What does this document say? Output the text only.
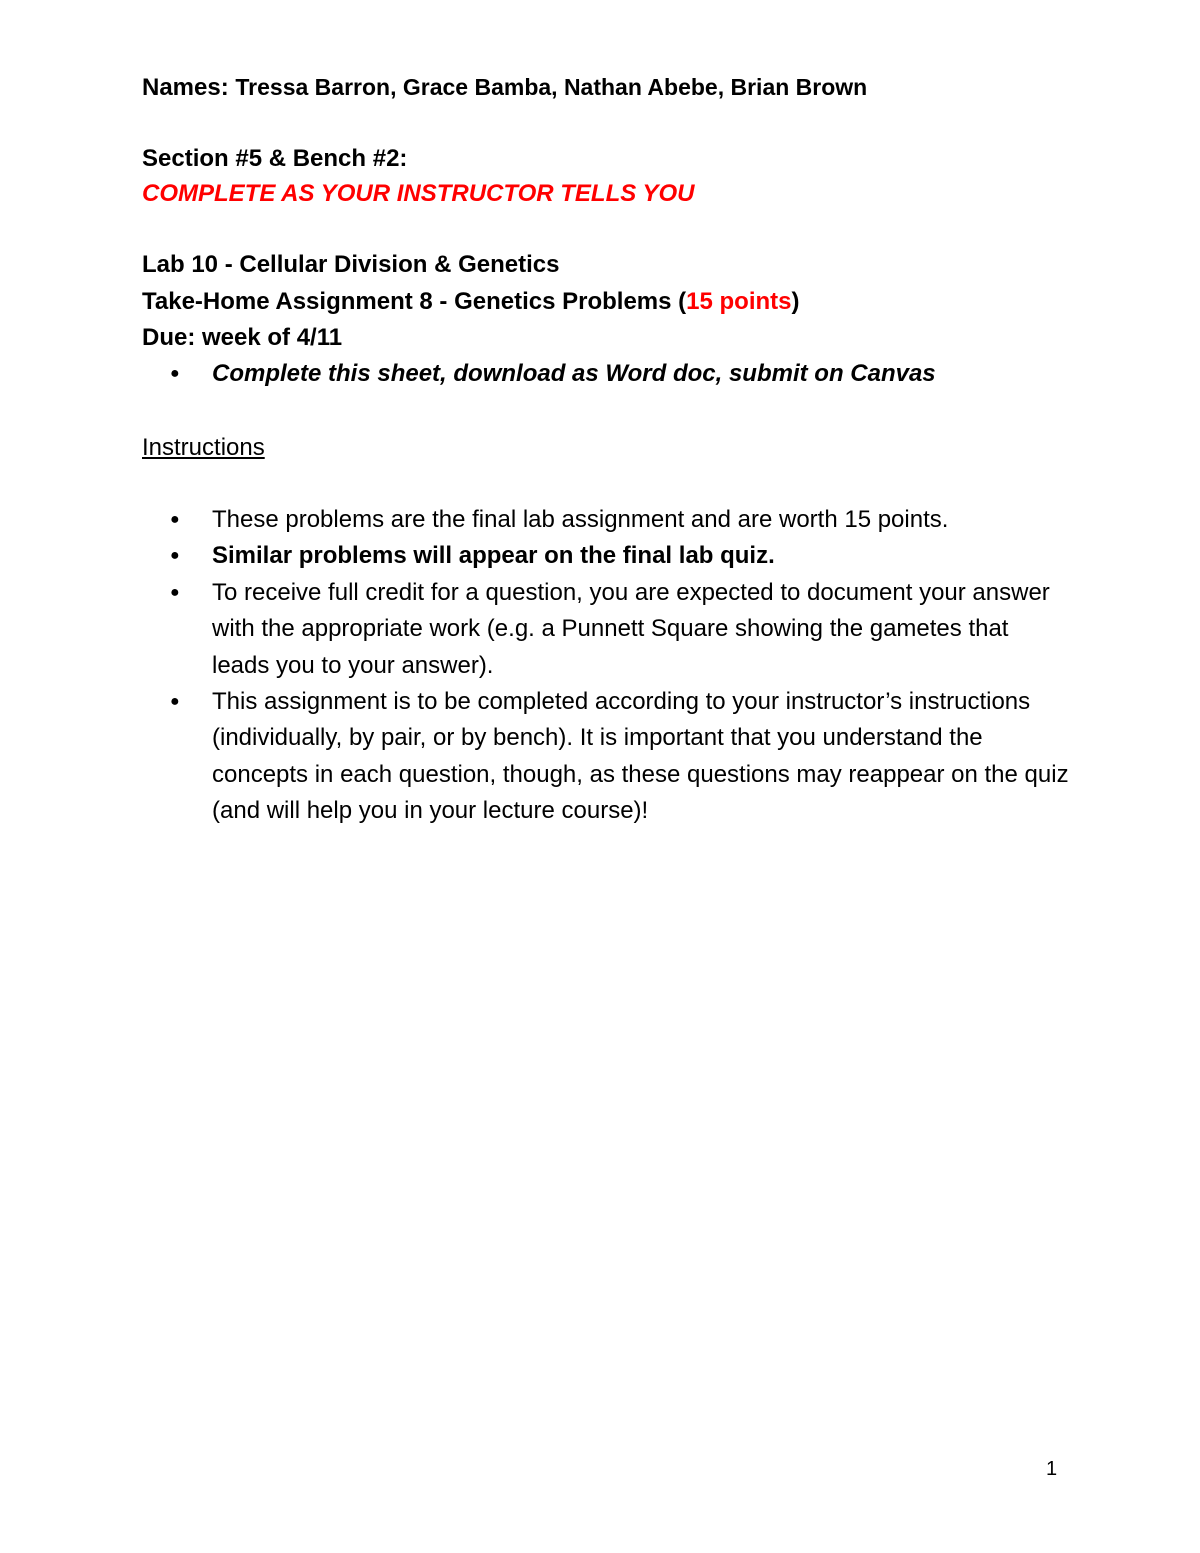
Names: Tressa Barron, Grace Bamba, Nathan Abebe, Brian Brown
Section #5 & Bench #2:
COMPLETE AS YOUR INSTRUCTOR TELLS YOU
Lab 10 - Cellular Division & Genetics
Take-Home Assignment 8 - Genetics Problems (15 points)
Due: week of 4/11
● Complete this sheet, download as Word doc, submit on Canvas
Instructions
● These problems are the final lab assignment and are worth 15 points.
● Similar problems will appear on the final lab quiz.
● To receive full credit for a question, you are expected to document your answer with the appropriate work (e.g. a Punnett Square showing the gametes that leads you to your answer).
● This assignment is to be completed according to your instructor’s instructions (individually, by pair, or by bench). It is important that you understand the concepts in each question, though, as these questions may reappear on the quiz (and will help you in your lecture course)!
1
